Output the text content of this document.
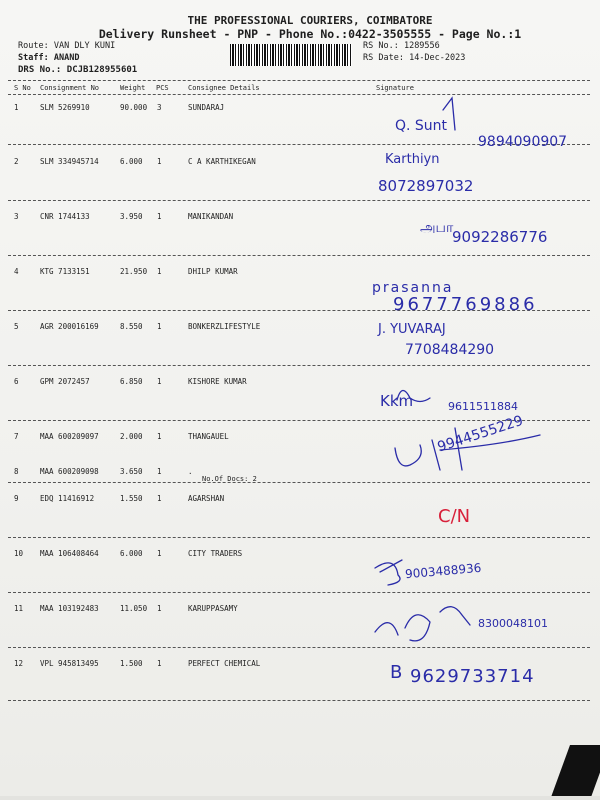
THE PROFESSIONAL COURIERS, COIMBATORE
Delivery Runsheet - PNP - Phone No.:0422-3505555 - Page No.:1
Route: VAN DLY KUNI
Staff: ANAND
DRS No.: DCJB128955601
RS No.: 1289556
RS Date: 14-Dec-2023
S No Consignment No	Weight PCS	Consignee Details	Signature
1	SLM 5269910	90.000 3	SUNDARAJ
2	SLM 334945714	6.000 1	C A KARTHIKEGAN
3	CNR 1744133	3.950 1	MANIKANDAN
4	KTG 7133151	21.950 1	DHILP KUMAR
5	AGR 200016169	8.550 1	BONKERZLIFESTYLE
6	GPM 2072457	6.850 1	KISHORE KUMAR
7	MAA 600209097	2.000 1	THANGAUEL
8	MAA 600209098	3.650 1	.
9	EDQ 11416912	1.550 1	AGARSHAN
10 MAA 106408464	6.000 1	CITY TRADERS
11 MAA 103192483	11.050 1	KARUPPASAMY
12 VPL 945813495	1.500 1	PERFECT CHEMICAL
No.Of Docs: 2
Q. Sunt
9894090907
Karthiyn
8072897032
அபா
9092286776
prasanna
9677769886
J. YUVARAJ
7708484290
Kkm	9611511884
9944555229
C/N
9003488936
8300048101
B 9629733714
